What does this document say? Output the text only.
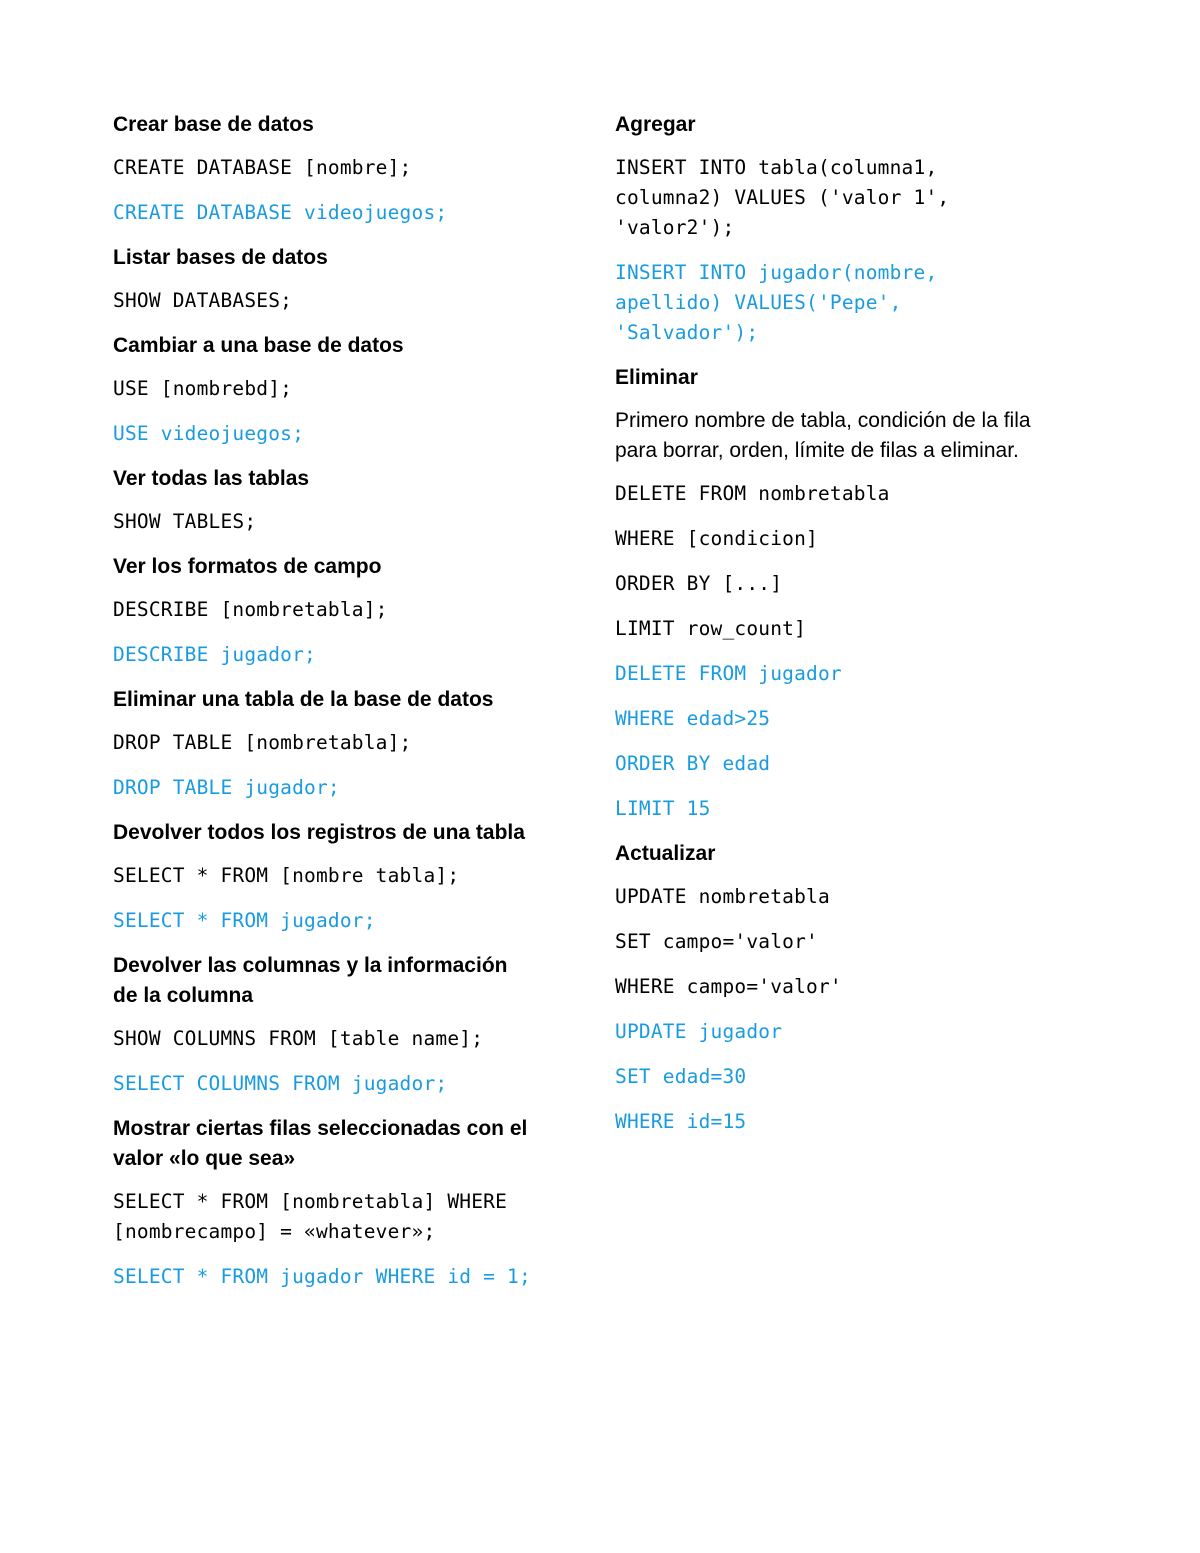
Crear base de datos
CREATE DATABASE [nombre];
CREATE DATABASE videojuegos;
Listar bases de datos
SHOW DATABASES;
Cambiar a una base de datos
USE [nombrebd];
USE videojuegos;
Ver todas las tablas
SHOW TABLES;
Ver los formatos de campo
DESCRIBE [nombretabla];
DESCRIBE jugador;
Eliminar una tabla de la base de datos
DROP TABLE [nombretabla];
DROP TABLE jugador;
Devolver todos los registros de una tabla
SELECT * FROM [nombre tabla];
SELECT * FROM jugador;
Devolver las columnas y la información
de la columna
SHOW COLUMNS FROM [table name];
SELECT COLUMNS FROM jugador;
Mostrar ciertas filas seleccionadas con el
valor «lo que sea»
SELECT * FROM [nombretabla] WHERE
[nombrecampo] = «whatever»;
SELECT * FROM jugador WHERE id = 1;
Agregar
INSERT INTO tabla(columna1,
columna2) VALUES ('valor 1',
'valor2');
INSERT INTO jugador(nombre,
apellido) VALUES('Pepe',
'Salvador');
Eliminar
Primero nombre de tabla, condición de la fila
para borrar, orden, límite de filas a eliminar.
DELETE FROM nombretabla
WHERE [condicion]
ORDER BY [...]
LIMIT row_count]
DELETE FROM jugador
WHERE edad>25
ORDER BY edad
LIMIT 15
Actualizar
UPDATE nombretabla
SET campo='valor'
WHERE campo='valor'
UPDATE jugador
SET edad=30
WHERE id=15
